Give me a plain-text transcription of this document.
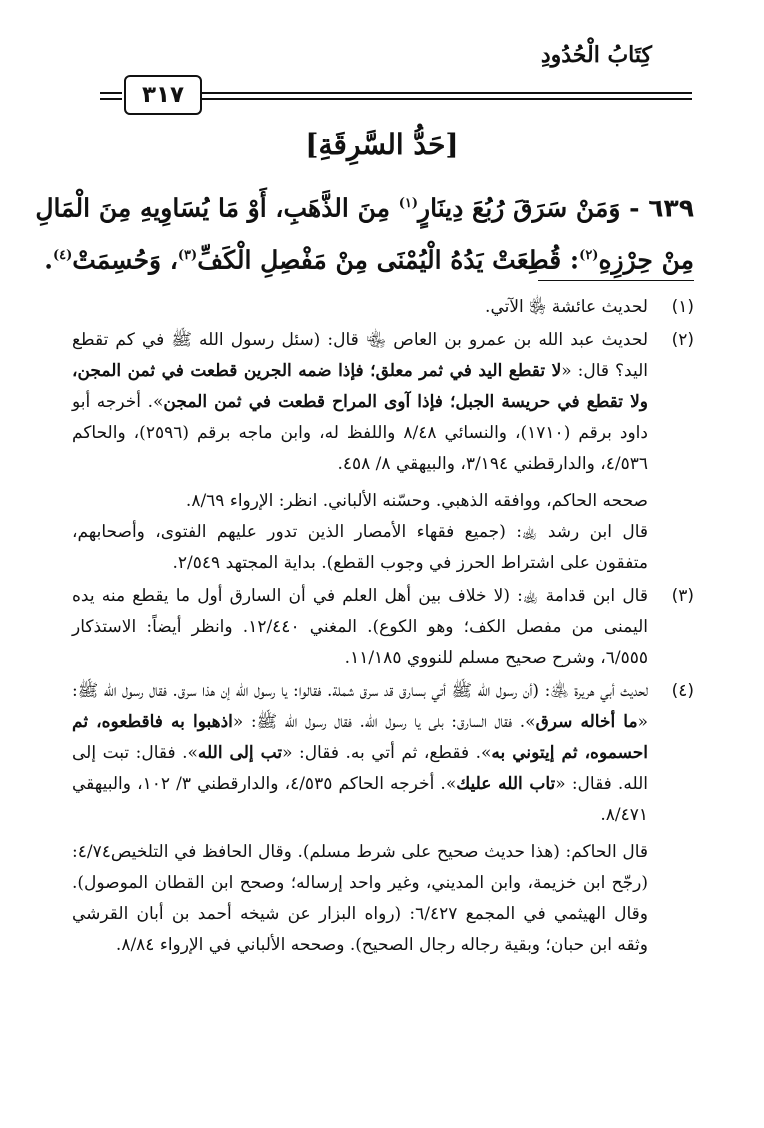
كِتَابُ الْحُدُودِ
٣١٧
[حَدُّ السَّرِقَةِ]
٦٣٩ - وَمَنْ سَرَقَ رُبُعَ دِينَارٍ$^{(١)}$ مِنَ الذَّهَبِ، أَوْ مَا يُسَاوِيهِ مِنَ الْمَالِ
مِنْ حِرْزِهِ$^{(٢)}$: قُطِعَتْ يَدُهُ الْيُمْنَى مِنْ مَفْصِلِ الْكَفِّ$^{(٣)}$، وَحُسِمَتْ$^{(٤)}$.
(١)
لحديث عائشة ﵂ الآتي.
(٢)
لحديث عبد الله بن عمرو بن العاص ﵄ قال: (سئل رسول الله ﷺ في كم تقطع اليد؟ قال: «لا تقطع اليد في ثمر معلق؛ فإذا ضمه الجرين قطعت في ثمن المجن، ولا تقطع في حريسة الجبل؛ فإذا آوى المراح قطعت في ثمن المجن». أخرجه أبو داود برقم (١٧١٠)، والنسائي ٨/٤٨ واللفظ له، وابن ماجه برقم (٢٥٩٦)، والحاكم ٤/٥٣٦، والدارقطني ٣/١٩٤، والبيهقي ٨/ ٤٥٨.
صححه الحاكم، ووافقه الذهبي. وحسّنه الألباني. انظر: الإرواء ٨/٦٩.
قال ابن رشد ﵀: (جميع فقهاء الأمصار الذين تدور عليهم الفتوى، وأصحابهم، متفقون على اشتراط الحرز في وجوب القطع). بداية المجتهد ٢/٥٤٩.
(٣)
قال ابن قدامة ﵀: (لا خلاف بين أهل العلم في أن السارق أول ما يقطع منه يده اليمنى من مفصل الكف؛ وهو الكوع). المغني ١٢/٤٤٠. وانظر أيضاً: الاستذكار ٦/٥٥٥، وشرح صحيح مسلم للنووي ١١/١٨٥.
(٤)
لحديث أبي هريرة ﵁: (أن رسول الله ﷺ أتي بسارق قد سرق شملة. فقالوا: يا رسول الله إن هذا سرق. فقال رسول الله ﷺ: «ما أخاله سرق». فقال السارق: بلى يا رسول الله. فقال رسول الله ﷺ: «اذهبوا به فاقطعوه، ثم احسموه، ثم إيتوني به». فقطع، ثم أتي به. فقال: «تب إلى الله». فقال: تبت إلى الله. فقال: «تاب الله عليك». أخرجه الحاكم ٤/٥٣٥، والدارقطني ٣/ ١٠٢، والبيهقي ٨/٤٧١.
قال الحاكم: (هذا حديث صحيح على شرط مسلم). وقال الحافظ في التلخيص٤/٧٤: (رجّح ابن خزيمة، وابن المديني، وغير واحد إرساله؛ وصحح ابن القطان الموصول). وقال الهيثمي في المجمع ٦/٤٢٧: (رواه البزار عن شيخه أحمد بن أبان القرشي وثقه ابن حبان؛ وبقية رجاله رجال الصحيح). وصححه الألباني في الإرواء ٨/٨٤.
